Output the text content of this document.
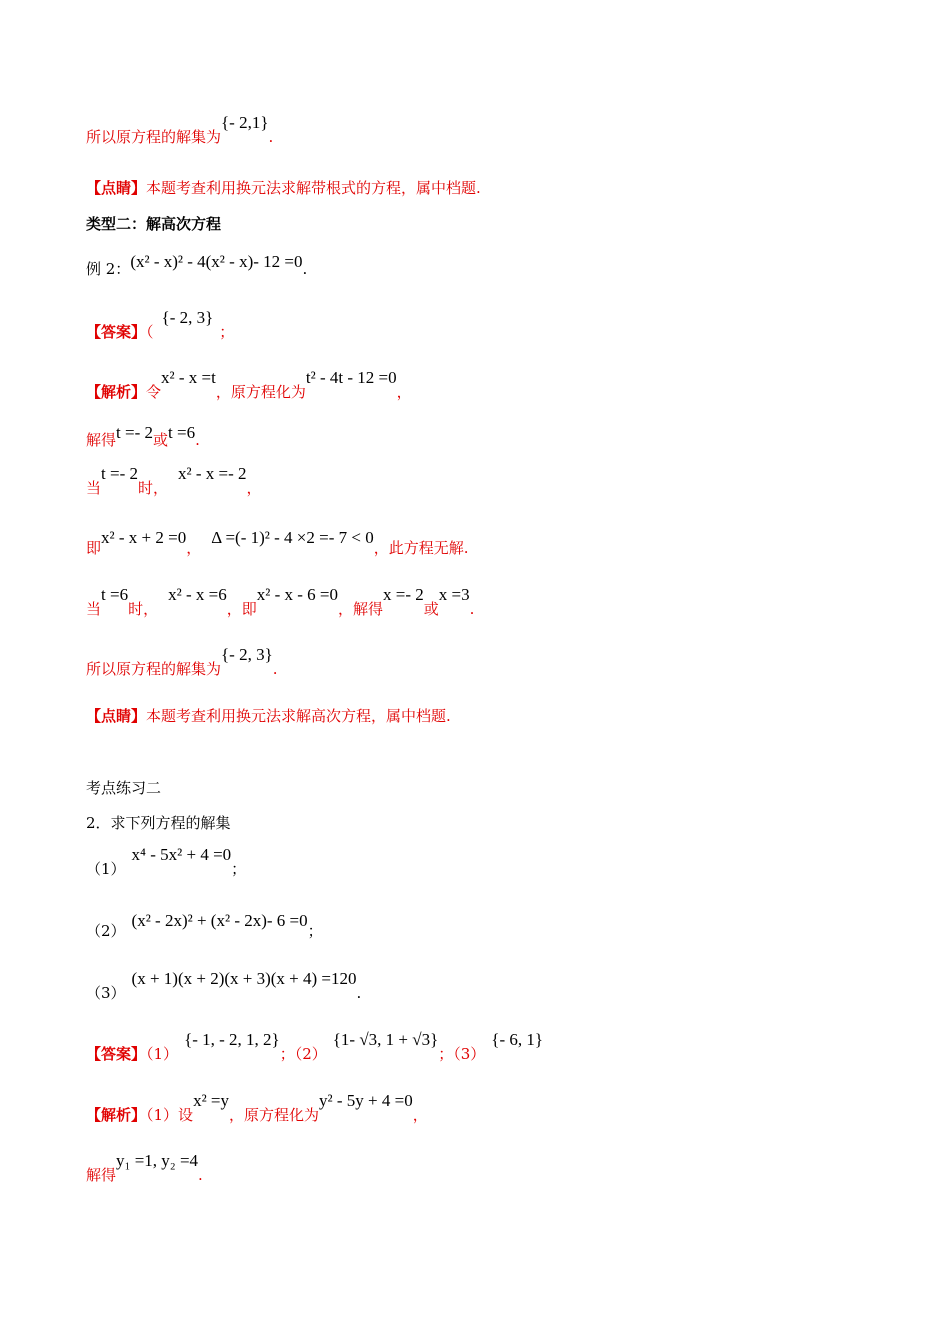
所以原方程的解集为{- 2,1}.
【点睛】本题考查利用换元法求解带根式的方程，属中档题.
类型二：解高次方程
例 2：(x² - x)² - 4(x² - x)- 12 =0.
【答案】（{- 2, 3}；
【解析】令x² - x =t，原方程化为t² - 4t - 12 =0，
解得t =- 2或t =6.
当t =- 2时，x² - x =- 2，
即x² - x + 2 =0，Δ =(- 1)² - 4 ×2 =- 7 < 0，此方程无解.
当t =6时，x² - x =6，即x² - x - 6 =0，解得x =- 2或x =3.
所以原方程的解集为{- 2, 3}.
【点睛】本题考查利用换元法求解高次方程，属中档题.
考点练习二
2．求下列方程的解集
（1）x⁴ - 5x² + 4 =0；
（2）(x² - 2x)² + (x² - 2x)- 6 =0；
（3）(x + 1)(x + 2)(x + 3)(x + 4) =120.
【答案】（1）{- 1, - 2, 1, 2}；（2）{1- √3, 1 + √3}；（3）{- 6, 1}
【解析】（1）设x² =y，原方程化为y² - 5y + 4 =0，
解得y₁ =1, y₂ =4.
